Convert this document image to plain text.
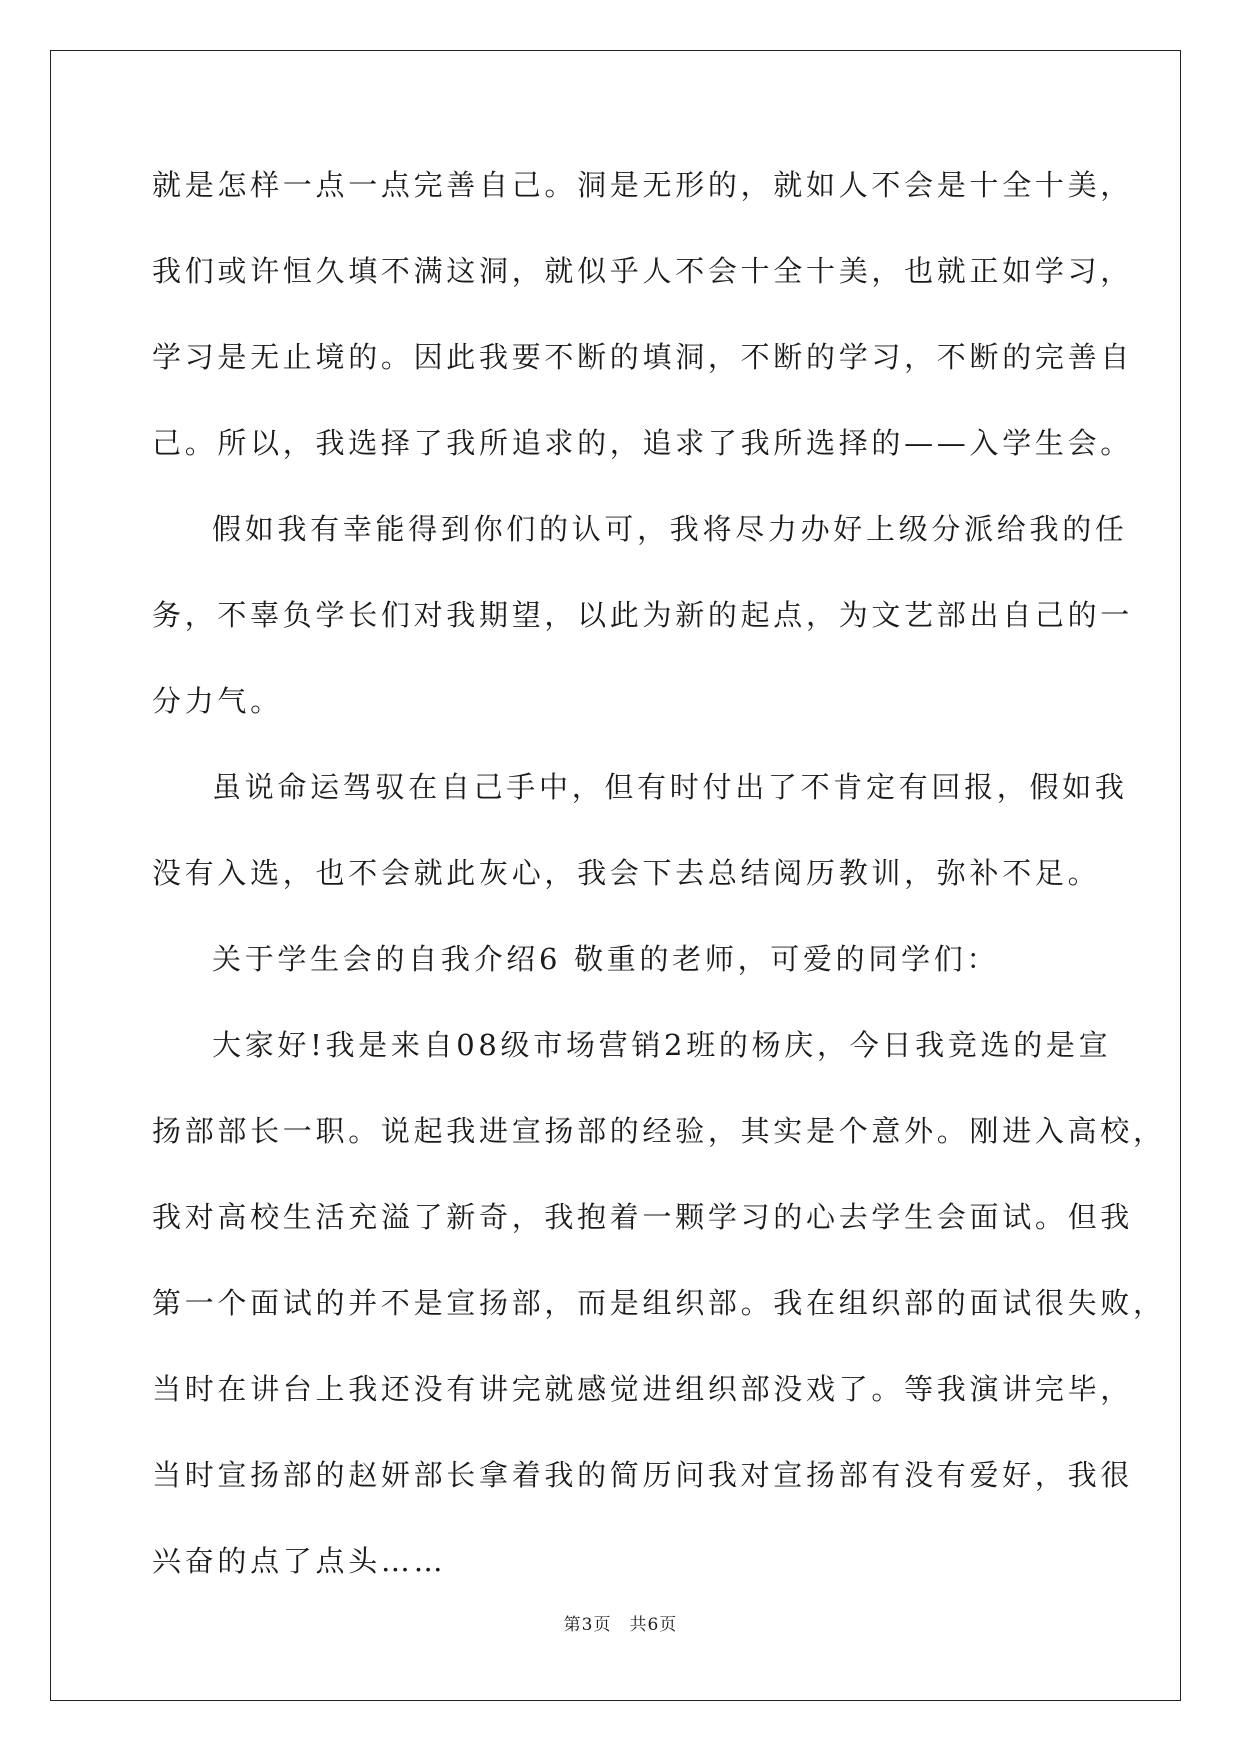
就是怎样一点一点完善自己。洞是无形的，就如人不会是十全十美，
我们或许恒久填不满这洞，就似乎人不会十全十美，也就正如学习，
学习是无止境的。因此我要不断的填洞，不断的学习，不断的完善自
己。所以，我选择了我所追求的，追求了我所选择的——入学生会。
假如我有幸能得到你们的认可，我将尽力办好上级分派给我的任
务，不辜负学长们对我期望，以此为新的起点，为文艺部出自己的一
分力气。
虽说命运驾驭在自己手中，但有时付出了不肯定有回报，假如我
没有入选，也不会就此灰心，我会下去总结阅历教训，弥补不足。
关于学生会的自我介绍6 敬重的老师，可爱的同学们：
大家好!我是来自08级市场营销2班的杨庆，今日我竞选的是宣
扬部部长一职。说起我进宣扬部的经验，其实是个意外。刚进入高校，
我对高校生活充溢了新奇，我抱着一颗学习的心去学生会面试。但我
第一个面试的并不是宣扬部，而是组织部。我在组织部的面试很失败，
当时在讲台上我还没有讲完就感觉进组织部没戏了。等我演讲完毕，
当时宣扬部的赵妍部长拿着我的简历问我对宣扬部有没有爱好，我很
兴奋的点了点头……
第3页　共6页
